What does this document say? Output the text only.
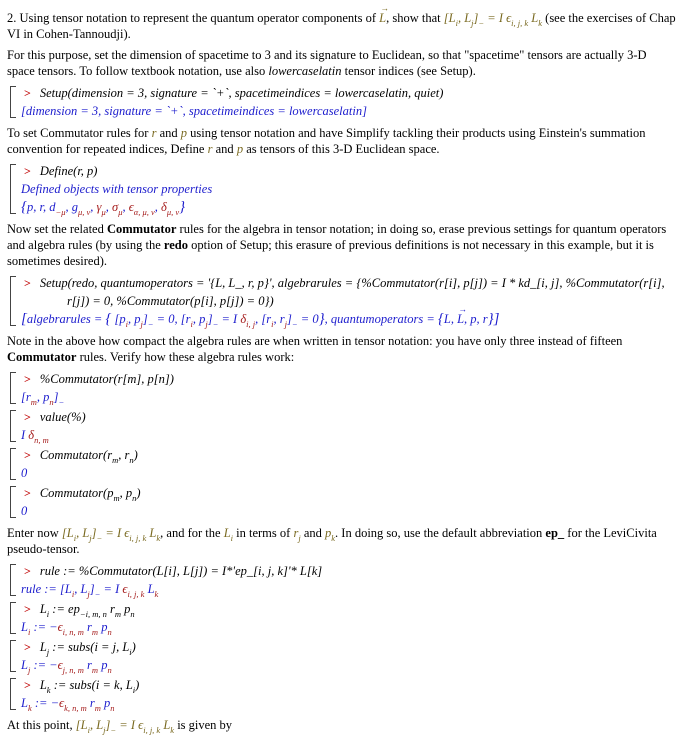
2. Using tensor notation to represent the quantum operator components of
→
L, show that [$L_i$, $L_j]_- = I$ $\epsilon_{i, j, k}$ $L_k$ (see the exercises of Chap VI in Cohen-Tannoudji).
For this purpose, set the dimension of spacetime to 3 and its signature to Euclidean, so that "spacetime" tensors are actually 3-D space tensors. To follow textbook notation, use also lowercaselatin tensor indices (see Setup).
> Setup(dimension = 3, signature = `+`, spacetimeindices = lowercaselatin, quiet)
[dimension = 3, signature = `+`, spacetimeindices = lowercaselatin]
To set Commutator rules for r and p using tensor notation and have Simplify tackling their products using Einstein's summation convention for repeated indices, Define r and p as tensors of this 3-D Euclidean space.
> Define(r, p)
Defined objects with tensor properties
{p, r, $d_{-\mu}$, $g_{\mu, \nu}$, $\gamma_\mu$, $\sigma_\mu$, $\epsilon_{\alpha, \mu, \nu}$, $\delta_{\mu, \nu}$}
Now set the related Commutator rules for the algebra in tensor notation; in doing so, erase previous settings for quantum operators and algebra rules (by using the redo option of Setup; this erasure of previous definitions is not necessary in this example, but it is sometimes desired).
> Setup(redo, quantumoperators = '{L, L_, r, p}', algebrarules = {%Commutator(r[i], p[j]) = I * kd_[i, j], %Commutator(r[i],
r[j]) = 0, %Commutator(p[i], p[j]) = 0})
[algebrarules = { [$p_i$, $p_j]_- = 0$, [$r_i$, $p_j]_- = I$ $\delta_{i, j}$, [$r_i$, $r_j]_- = 0$}, quantumoperators = {L,
→
L, p, r}]
Note in the above how compact the algebra rules are when written in tensor notation: you have only three instead of fifteen Commutator rules. Verify how these algebra rules work:
> %Commutator(r[m], p[n])
[$r_m$, $p_n]_-$
> value(%)
I $\delta_{n, m}$
> $Commutator(r_m$, $r_n$)
0
> $Commutator(p_m$, $p_n$)
0
Enter now [$L_i$, $L_j]_- = I$ $\epsilon_{i, j, k}$ $L_k$, and for the $L_i$ in terms of $r_j$ and $p_k$. In doing so, use the default abbreviation ep_ for the LeviCivita pseudo-tensor.
> rule := %Commutator(L[i], L[j]) = I*'ep_[i, j, k]'* L[k]
rule := [$L_i$, $L_j]_- = I$ $\epsilon_{i, j, k}$ $L_k$
> $L_i$ := $ep_{-i, m, n}$ $r_m$ $p_n$
$L_i$ := $-\epsilon_{i, n, m}$ $r_m$ $p_n$
> $L_j$ := subs(i = j, $L_i$)
$L_j$ := $-\epsilon_{j, n, m}$ $r_m$ $p_n$
> $L_k$ := subs(i = k, $L_i$)
$L_k$ := $-\epsilon_{k, n, m}$ $r_m$ $p_n$
At this point, [$L_i$, $L_j]_- = I$ $\epsilon_{i, j, k}$ $L_k$ is given by
